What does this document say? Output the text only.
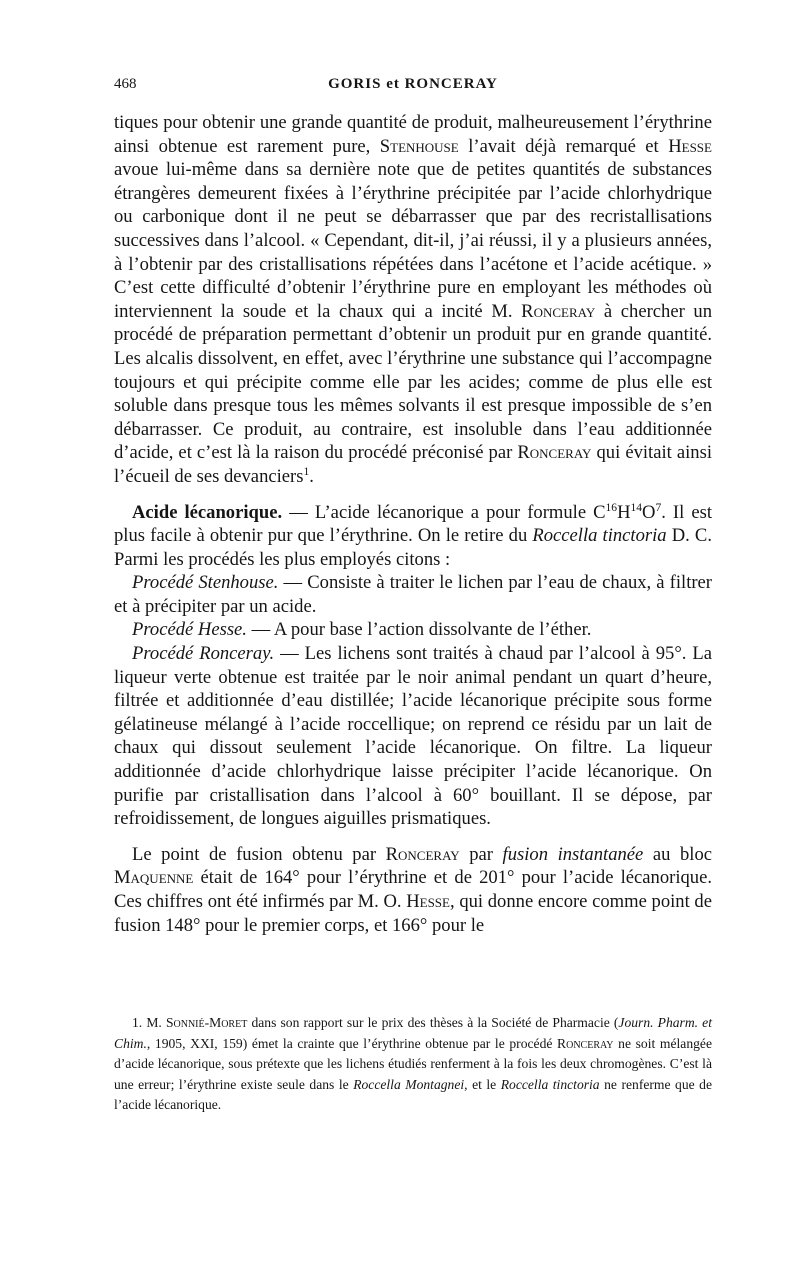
468	GORIS et RONCERAY

tiques pour obtenir une grande quantité de produit, malheureusement l’érythrine ainsi obtenue est rarement pure, Stenhouse l’avait déjà remarqué et Hesse avoue lui-même dans sa dernière note que de petites quantités de substances étrangères demeurent fixées à l’érythrine précipitée par l’acide chlorhydrique ou carbonique dont il ne peut se débarrasser que par des recristallisations successives dans l’alcool. « Cependant, dit-il, j’ai réussi, il y a plusieurs années, à l’obtenir par des cristallisations répétées dans l’acétone et l’acide acétique. » C’est cette difficulté d’obtenir l’érythrine pure en employant les méthodes où interviennent la soude et la chaux qui a incité M. Ronceray à chercher un procédé de préparation permettant d’obtenir un produit pur en grande quantité. Les alcalis dissolvent, en effet, avec l’érythrine une substance qui l’accompagne toujours et qui précipite comme elle par les acides; comme de plus elle est soluble dans presque tous les mêmes solvants il est presque impossible de s’en débarrasser. Ce produit, au contraire, est insoluble dans l’eau additionnée d’acide, et c’est là la raison du procédé préconisé par Ronceray qui évitait ainsi l’écueil de ses devanciers$^1$.

Acide lécanorique. — L’acide lécanorique a pour formule $C^{16}H^{14}O^7$. Il est plus facile à obtenir pur que l’érythrine. On le retire du Roccella tinctoria D. C. Parmi les procédés les plus employés citons :

Procédé Stenhouse. — Consiste à traiter le lichen par l’eau de chaux, à filtrer et à précipiter par un acide.

Procédé Hesse. — A pour base l’action dissolvante de l’éther.

Procédé Ronceray. — Les lichens sont traités à chaud par l’alcool à 95°. La liqueur verte obtenue est traitée par le noir animal pendant un quart d’heure, filtrée et additionnée d’eau distillée; l’acide lécanorique précipite sous forme gélatineuse mélangé à l’acide roccellique; on reprend ce résidu par un lait de chaux qui dissout seulement l’acide lécanorique. On filtre. La liqueur additionnée d’acide chlorhydrique laisse précipiter l’acide lécanorique. On purifie par cristallisation dans l’alcool à 60° bouillant. Il se dépose, par refroidissement, de longues aiguilles prismatiques.

Le point de fusion obtenu par Ronceray par fusion instantanée au bloc Maquenne était de 164° pour l’érythrine et de 201° pour l’acide lécanorique. Ces chiffres ont été infirmés par M. O. Hesse, qui donne encore comme point de fusion 148° pour le premier corps, et 166° pour le

1. M. Sonnié-Moret dans son rapport sur le prix des thèses à la Société de Pharmacie (Journ. Pharm. et Chim., 1905, XXI, 159) émet la crainte que l’érythrine obtenue par le procédé Ronceray ne soit mélangée d’acide lécanorique, sous prétexte que les lichens étudiés renferment à la fois les deux chromogènes. C’est là une erreur; l’érythrine existe seule dans le Roccella Montagnei, et le Roccella tinctoria ne renferme que de l’acide lécanorique.
